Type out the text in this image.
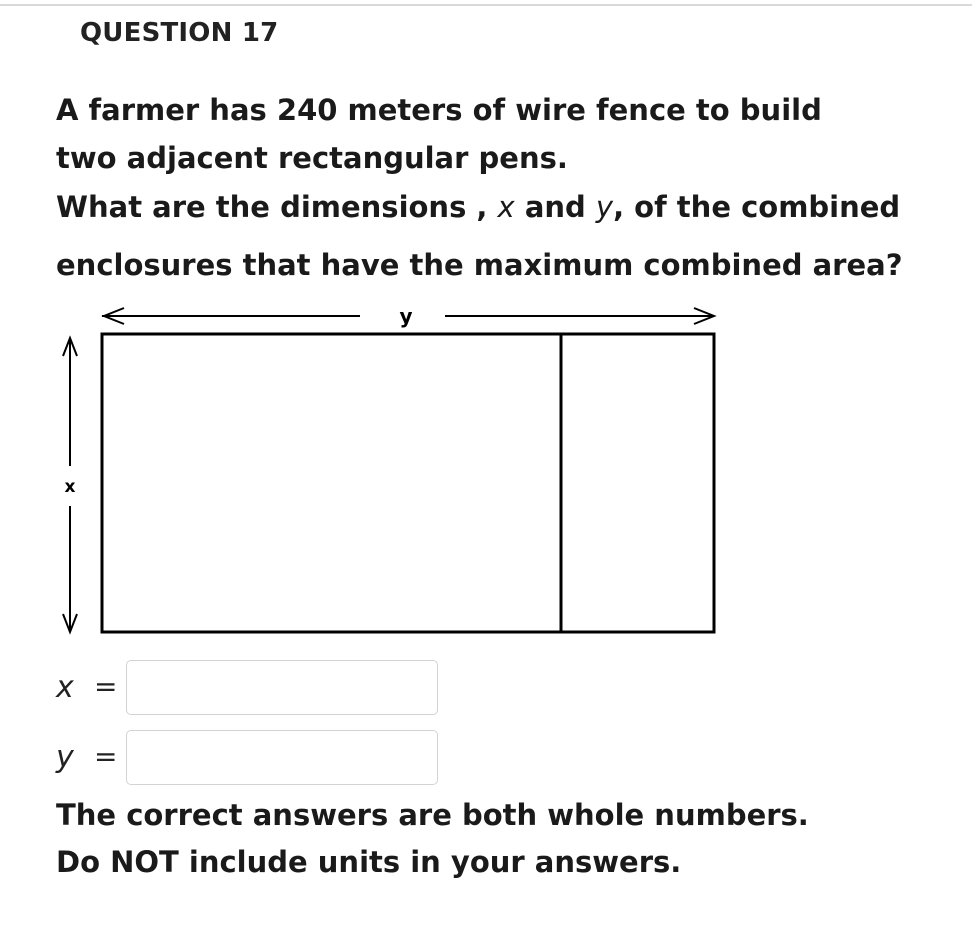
QUESTION 17
A farmer has 240 meters of wire fence to build
two adjacent rectangular pens.
What are the dimensions , x and y, of the combined
enclosures that have the maximum combined area?
y
x
x =
y =
The correct answers are both whole numbers.
Do NOT include units in your answers.
